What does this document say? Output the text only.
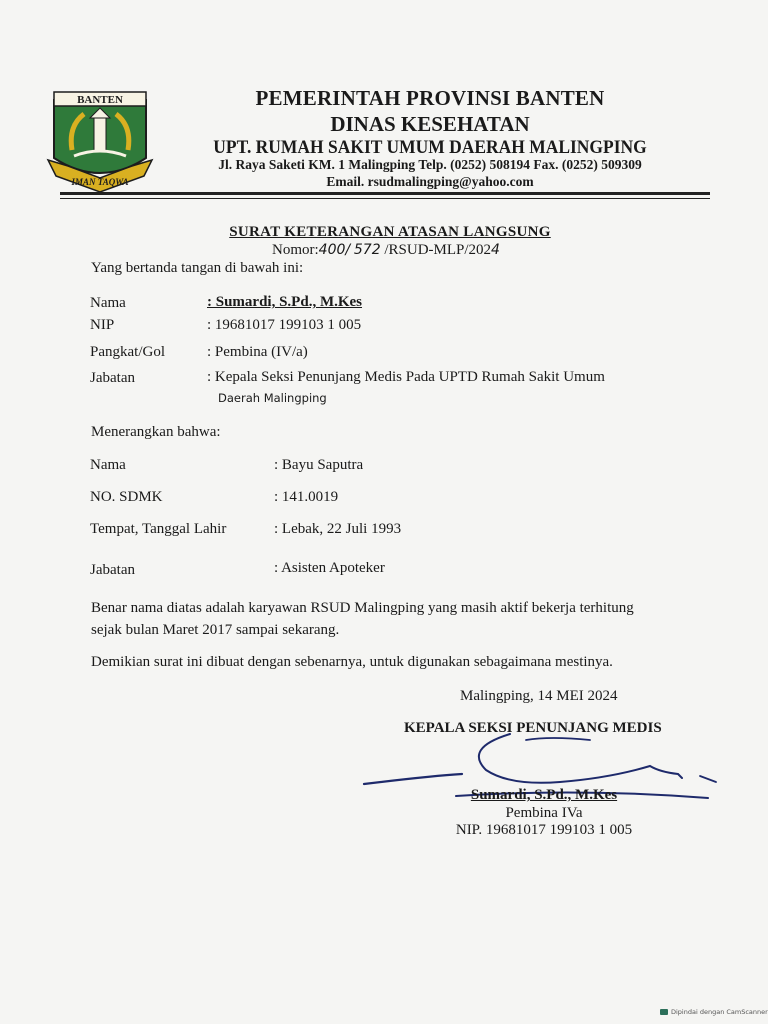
BANTEN
IMAN TAQWA
PEMERINTAH PROVINSI BANTEN
DINAS KESEHATAN
UPT. RUMAH SAKIT UMUM DAERAH MALINGPING
Jl. Raya Saketi KM. 1 Malingping Telp. (0252) 508194 Fax. (0252) 509309
Email. rsudmalingping@yahoo.com
SURAT KETERANGAN ATASAN LANGSUNG
Nomor:400/ 572 /RSUD-MLP/2024
Yang bertanda tangan di bawah ini:
Nama	: Sumardi, S.Pd., M.Kes
NIP	: 19681017 199103 1 005
Pangkat/Gol	: Pembina (IV/a)
Jabatan	: Kepala Seksi Penunjang Medis Pada UPTD Rumah Sakit Umum
Daerah Malingping
Menerangkan bahwa:
Nama	: Bayu Saputra
NO. SDMK	: 141.0019
Tempat, Tanggal Lahir	: Lebak, 22 Juli 1993
Jabatan	: Asisten Apoteker
Benar nama diatas adalah karyawan RSUD Malingping yang masih aktif bekerja terhitung
sejak bulan Maret 2017 sampai sekarang.
Demikian surat ini dibuat dengan sebenarnya, untuk digunakan sebagaimana mestinya.
Malingping, 14 MEI 2024
KEPALA SEKSI PENUNJANG MEDIS
Sumardi, S.Pd., M.Kes
Pembina IVa
NIP. 19681017 199103 1 005
Dipindai dengan CamScanner
